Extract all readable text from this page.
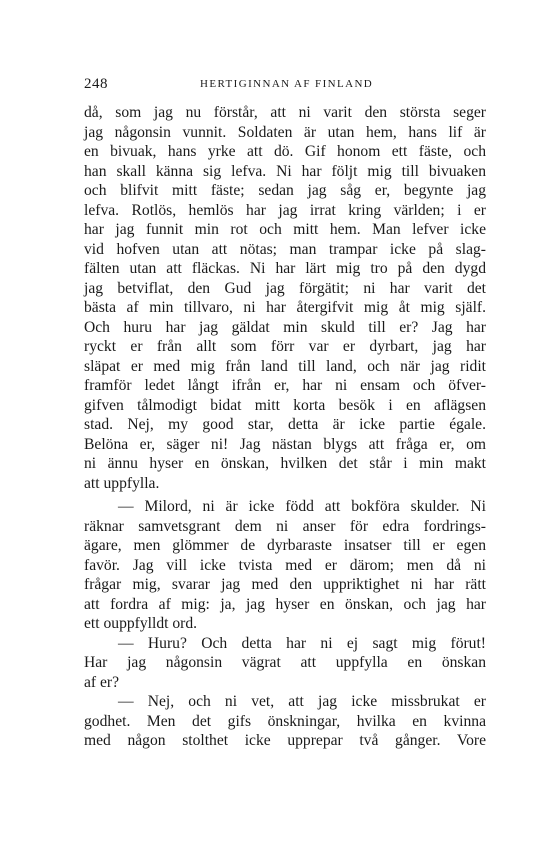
248	HERTIGINNAN AF FINLAND
då, som jag nu förstår, att ni varit den största seger
jag någonsin vunnit. Soldaten är utan hem, hans lif är
en bivuak, hans yrke att dö. Gif honom ett fäste, och
han skall känna sig lefva. Ni har följt mig till bivuaken
och blifvit mitt fäste; sedan jag såg er, begynte jag
lefva. Rotlös, hemlös har jag irrat kring världen; i er
har jag funnit min rot och mitt hem. Man lefver icke
vid hofven utan att nötas; man trampar icke på slag-
fälten utan att fläckas. Ni har lärt mig tro på den dygd
jag betviflat, den Gud jag förgätit; ni har varit det
bästa af min tillvaro, ni har återgifvit mig åt mig själf.
Och huru har jag gäldat min skuld till er? Jag har
ryckt er från allt som förr var er dyrbart, jag har
släpat er med mig från land till land, och när jag ridit
framför ledet långt ifrån er, har ni ensam och öfver-
gifven tålmodigt bidat mitt korta besök i en aflägsen
stad. Nej, my good star, detta är icke partie égale.
Belöna er, säger ni! Jag nästan blygs att fråga er, om
ni ännu hyser en önskan, hvilken det står i min makt
att uppfylla.
— Milord, ni är icke född att bokföra skulder. Ni
räknar samvetsgrant dem ni anser för edra fordrings-
ägare, men glömmer de dyrbaraste insatser till er egen
favör. Jag vill icke tvista med er därom; men då ni
frågar mig, svarar jag med den uppriktighet ni har rätt
att fordra af mig: ja, jag hyser en önskan, och jag har
ett ouppfylldt ord.
— Huru? Och detta har ni ej sagt mig förut!
Har jag någonsin vägrat att uppfylla en önskan
af er?
— Nej, och ni vet, att jag icke missbrukat er
godhet. Men det gifs önskningar, hvilka en kvinna
med någon stolthet icke upprepar två gånger. Vore
